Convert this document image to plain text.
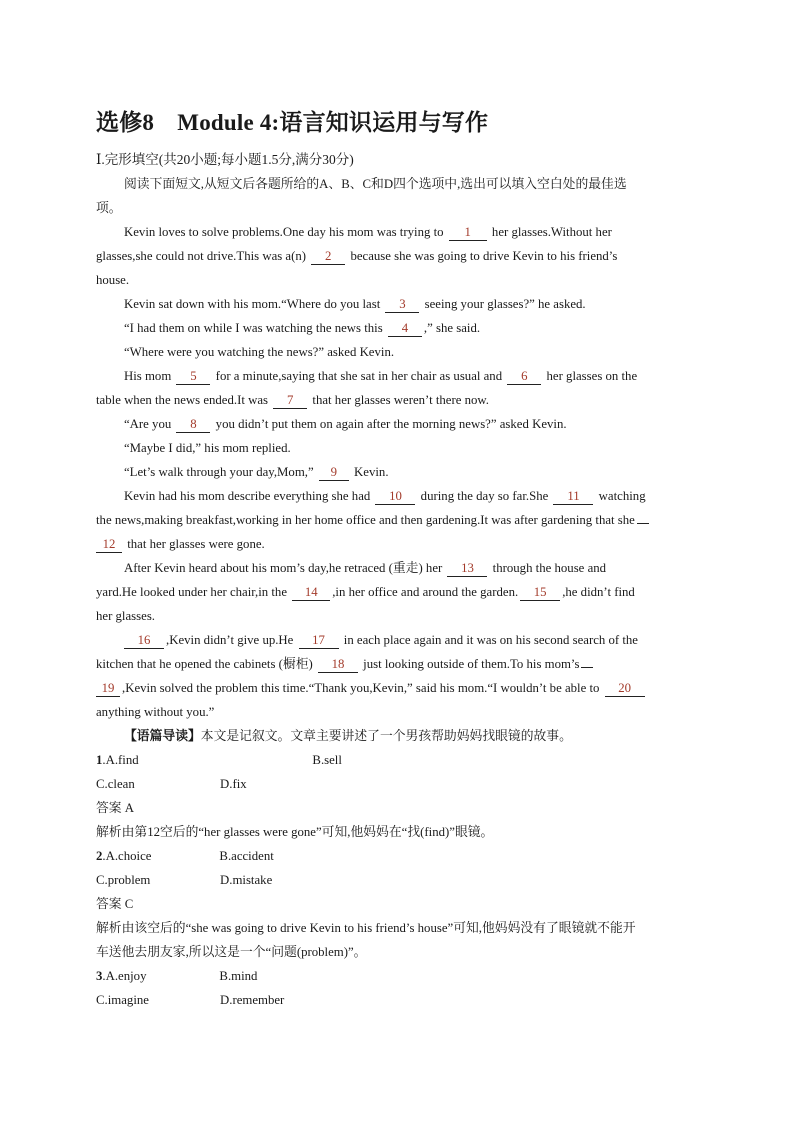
选修8　Module 4:语言知识运用与写作
Ⅰ.完形填空(共20小题;每小题1.5分,满分30分)
阅读下面短文,从短文后各题所给的A、B、C和D四个选项中,选出可以填入空白处的最佳选
项。
Kevin loves to solve problems.One day his mom was trying to 1 her glasses.Without her
glasses,she could not drive.This was a(n) 2 because she was going to drive Kevin to his friend’s
house.
Kevin sat down with his mom.“Where do you last 3 seeing your glasses?” he asked.
“I had them on while I was watching the news this 4 ,” she said.
“Where were you watching the news?” asked Kevin.
His mom 5 for a minute,saying that she sat in her chair as usual and 6 her glasses on the
table when the news ended.It was 7 that her glasses weren’t there now.
“Are you 8 you didn’t put them on again after the morning news?” asked Kevin.
“Maybe I did,” his mom replied.
“Let’s walk through your day,Mom,” 9 Kevin.
Kevin had his mom describe everything she had 10 during the day so far.She 11 watching
the news,making breakfast,working in her home office and then gardening.It was after gardening that she
12 that her glasses were gone.
After Kevin heard about his mom’s day,he retraced (重走) her 13 through the house and
yard.He looked under her chair,in the 14 ,in her office and around the garden. 15 ,he didn’t find
her glasses.
16 ,Kevin didn’t give up.He 17 in each place again and it was on his second search of the
kitchen that he opened the cabinets (橱柜) 18 just looking outside of them.To his mom’s
19 ,Kevin solved the problem this time.“Thank you,Kevin,” said his mom.“I wouldn’t be able to 20
anything without you.”
【语篇导读】本文是记叙文。文章主要讲述了一个男孩帮助妈妈找眼镜的故事。
1.A.find	B.sell
C.clean	D.fix
答案 A
解析由第12空后的“her glasses were gone”可知,他妈妈在“找(find)”眼镜。
2.A.choice	B.accident
C.problem	D.mistake
答案 C
解析由该空后的“she was going to drive Kevin to his friend’s house”可知,他妈妈没有了眼镜就不能开
车送他去朋友家,所以这是一个“问题(problem)”。
3.A.enjoy	B.mind
C.imagine	D.remember
